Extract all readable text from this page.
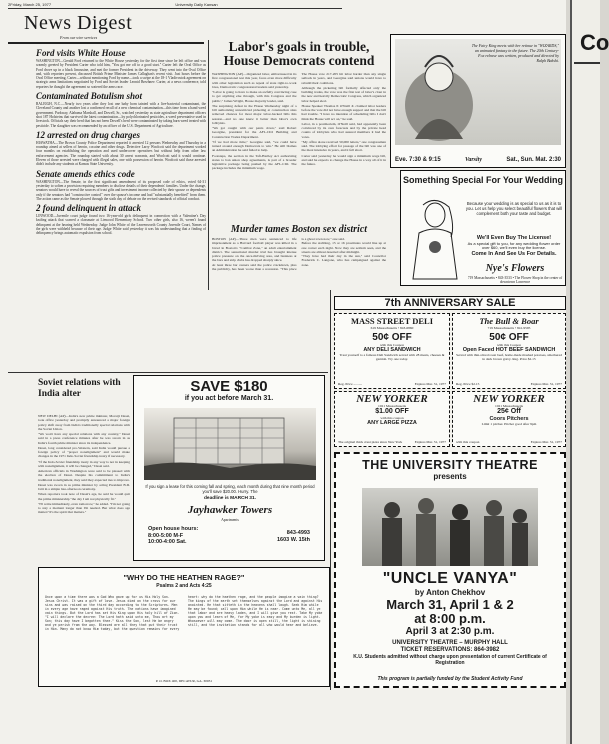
2 Friday, March 25, 1977	University Daily Kansan
News Digest
From our wire services
Ford visits White House
WASHINGTON—Gerald Ford returned to the White House yesterday for the first time since he left office and was warmly greeted by President Carter who told him, "You got me off to a good start." Carter left the Oval Office as Ford drove up in a black limousine, and met the former President in the driveway. They went into the Oval Office and, with reporters present, discussed British Prime Minister James Callaghan's recent visit. Just hours before the Oval Office meeting, Carter—without mentioning Ford by name—took a swipe at the 18-1 Vladivostok agreement on strategic arms limitations negotiated by Ford and Soviet leader Leonid Brezhnev. Carter, at a news conference, told reporters he thought the agreement so watered the arms race.
Contaminated Botulism shot
RALEIGH, N.C.—Nearly two years after they lost one baby born tainted with a live-bacterial contaminant, the Cleveland County and another lost a confirmed recall of a new chemical contamination—this time from a hand weed government. Parkway, Alabama Marshall, and Dowell, Sr., watched yesterday as state agriculture department officers shot 187 Holsteins that survived the latest contamination—by polychlorinated pesticides, a weed preventative used in livestock. Officials say their herd that has not been Dowell's herd were contaminated by taking barn weed treated with pesticide. The slaughter was recommended by an officer of the U.S. Department of Agriculture.
12 arrested on drug charges
HIAWATHA—The Brown County Police Department reported it arrested 12 persons Wednesday and Thursday in a roundup aimed at sellers of heroin, cocaine and other drugs. Detective Larry Woolcott said the department worked four months on establishing the operation and used undercover operatives but without help from other law enforcement agencies. The roundup started with about 30 arrest warrants, and Woolcott said it would continue. Eleven of those arrested were charged with illegal sales, one with possession of heroin. Woolcott said those arrested didn't include any students at Kansas State University.
Senate amends ethics code
WASHINGTON—The Senate, in the first significant amendment of its proposed code of ethics, voted 64-31 yesterday to soften a provision requiring members to disclose details of their dependents' families. Under the change, senators would have to reveal the sources of trust gifts and investment income collected by their spouse or dependents only if the senators had "constructive control" over the spouse's income and had "substantially benefited" from them. The action came as the Senate plowed through the sixth day of debate on the revised standards of official conduct.
2 found delinquent in attack
LINWOOD—Juvenile court judge found two 16-year-old girls delinquent in connection with a Valentine's Day knifing attack that scarred a classmate at Linwood Elementary School. Two other girls, also 16, weren't found delinquent at the hearing held Wednesday. Judge John White of the Leavenworth County Juvenile Court, Names of the girls were withheld because of their age. Judge White said yesterday it was his understanding that a finding of delinquency brings automatic expulsion from school.
Labor's goals in trouble, House Democrats contend

WASHINGTON (AP)—Organized labor, embarrassed in its first congressional test this year, faces even more difficulty with other legislation such as repeal of state right-to-work laws, Democratic congressional leaders said yesterday.

"Labor is going to have to make an awfully convincing case to get anything else through, with this Congress and the public," James Wright, House majority leader, said.

The surprising defeat in the House Wednesday night of a bill authorizing unrestricted picketing at construction sites removed chances for most major labor-backed bills this session—and no one knew it better than labor's own lobbyists.

"We got caught with our pants down," said Robert Georgine, president for the AFL-CIO Building and Construction Trades Department.

"If we had more time," Georgine said, "we could have turned around enough Democrats to win." He still blames an Administration he said failed to help.

Footsteps, the section in the Taft-Hartley Act authorizing states to ban union shop agreements, is part of a broader legislative package being pushed by the AFL-CIO. The package includes the minimum wage.

The House vote 217-205 hit labor harder than any single setback in years, and Georgine said unions would have to rebuild their coalitions.

Although the picketing bill formally affected only the building trades, the vote was the first test of labor's clout in the new and heavily Democratic Congress, which organized labor helped elect.

House Speaker Thomas P. O'Neill Jr. claimed labor leaders before the vote did not have enough support and that the bill had trouble. "I have no intention of scheduling bills I don't think the House will act on," he said.

Labor, in a postmortem, O'Neill said, had apparently been convinced by its own forecasts and by the private head counts of lobbyists who had assured members it had the votes.

"My office alone received 50,000 letters," one congressman said. The lobbying effort for passage of the bill was one of the most intensive in years, and it fell short.

Carter said yesterday he would sign a minimum wage bill, and said he expects to change the House in a way all of it in the future.

Murder tames Boston sex district

BOSTON (AP)—Three men were sentenced to life imprisonment as a Harvard football player was killed in a brawl in Boston's "Combat Zone," an adult entertainment district. The sensational murder trial has brought intense police pressure on the once-thriving area, and business at the bars and strip clubs has dropped sharply since.

At least three bar owners said the police crackdown, plus the publicity, has been worse than a recession. "This place is a ghost town now," one said.

Before the stabbing, 15 or 16 prostitutes would line up at one corner each night. Now they are seldom seen, and the streets are almost deserted after midnight.

"They have had their day in the sun," said Councilor Frederick C. Langone, who has campaigned against the zone.

The Fairy King meets with her retinue in "WIZARDS," an animated fantasy in the future. The 20th Century-Fox release was written, produced and directed by Ralph Bakshi.
Eve. 7:30 & 9:15	Varsity	Sat., Sun. Mat. 2:30
Something Special For Your Wedding
Because your wedding is as special to us as it is to you. Let us help you select beautiful flowers that will complement both your taste and budget.
We'll Even Buy The License!
As a special gift to you, for any wedding flower order over $60, we'll even buy the license.
Come In And See Us For Details.
Nye's Flowers
719 Massachusetts • 843-3533 • The Flower Shop in the center of downtown Lawrence
7th ANNIVERSARY SALE
MASS STREET DELI
619 Massachusetts • 843-6860
50¢ OFF
with this Coupon
ANY DELI SANDWICH
Treat yourself to a famous Deli Sandwich served with 28 meats, cheeses & garnish. Try one today.
Reg. Price ..........	Expires Mar. 31, 1977
The Bull & Boar
719 Massachusetts • 841-9595
50¢ OFF
with this Coupon
Open Faced HOT BEEF SANDWICH
Served with thin-sliced roast beef, home-made mashed potatoes, smothered in dark brown gravy. Reg. Price $2.15
Reg. Price $2.15	Expires Mar. 31, 1977
NEW YORKER
1021 Massachusetts
$1.00 OFF
with this coupon
ANY LARGE PIZZA
The original thick crust pizza since New York	Expires Mar. 31, 1977
NEW YORKER
1021 Massachusetts
25¢ Off
Coors Pitchers
Limit 1 pitcher. Pitcher good after 9pm
with this coupon	Expires Mar. 31, 1977
THE UNIVERSITY THEATRE
presents
"UNCLE VANYA"
by Anton Chekhov
March 31, April 1 & 2
at 8:00 p.m.
April 3 at 2:30 p.m.
UNIVERSITY THEATRE – MURPHY HALL
TICKET RESERVATIONS: 864-3982
K.U. Students admitted without charge upon presentation of current Certificate of Registration
This program is partially funded by the Student Activity Fund
Soviet relations with India alter

NEW DELHI (AP)—India's new prime minister, Morarji Desai, took office yesterday and promptly announced a major foreign policy shift away from India's traditionally special relations with the Soviet Union.

"We won't have any special relations with any country," Desai said in a press conference minutes after he was sworn in as India's fourth prime minister since its independence.

Desai, long considered pro-Western, said India would pursue a foreign policy of "proper nonalignment" and would make changes in the 1971 Indo-Soviet friendship treaty if necessary.

"If the Indo-Soviet friendship treaty in any way is not in keeping with nonalignment, it will be changed," Desai said.

American officials in Washington were said to be pleased with the election of Desai. Despite his commitment to India's traditional nonalignment, they said they expected ties to improve.

Desai was sworn in as prime minister by acting President B.D. Jatti in a simple late-afternoon ceremony.

When reporters took note of Desai's age, he said he would quit the prime ministership "the day I am not physically fit."

"I'll retire immediately, even tomorrow," he added. "I'm not going to stay a moment longer than I'm needed. But what does age matter? It's the spirit that matters."

SAVE $180
if you act before March 31.
If you sign a lease for this coming fall and spring, each month during that nine month period you'll save $20.00. Hurry. The
deadline is MARCH 31.
Jayhawker Towers
Apartments
Open house hours:
8:00-5:00 M-F
10:00-4:00 Sat.
843-4993
1603 W. 15th
"WHY DO THE HEATHEN RAGE?"
Psalms 2 and Acts 4:25
Once upon a time there was a God Who gave up for us His Holy Son. Jesus Christ. It was a gift of love. Jesus died on the cross for our sins and was raised on the third day according to the Scriptures. Men in every age have raged against His truth. The nations have imagined vain things. But the Lord has set His King upon His holy hill of Zion. "I will declare the decree: The Lord hath said unto me, Thou art my Son; this day have I begotten thee." Kiss the Son, lest He be angry and ye perish from the way. Blessed are all they that put their trust in Him. Many do not know Him today, but the question remains for every heart: why do the heathen rage, and the people imagine a vain thing? The kings of the earth set themselves against the Lord and against His anointed. He that sitteth in the heavens shall laugh. Seek Him while He may be found; call upon Him while He is near. Come unto Me, all ye that labor and are heavy laden, and I will give you rest. Take My yoke upon you and learn of Me, for My yoke is easy and My burden is light. Whosoever will may come. The door is open still, the light is shining still, and the invitation stands for all who would hear and believe.
P. O. BOX 400, DECATUR, GA. 30031
Co
